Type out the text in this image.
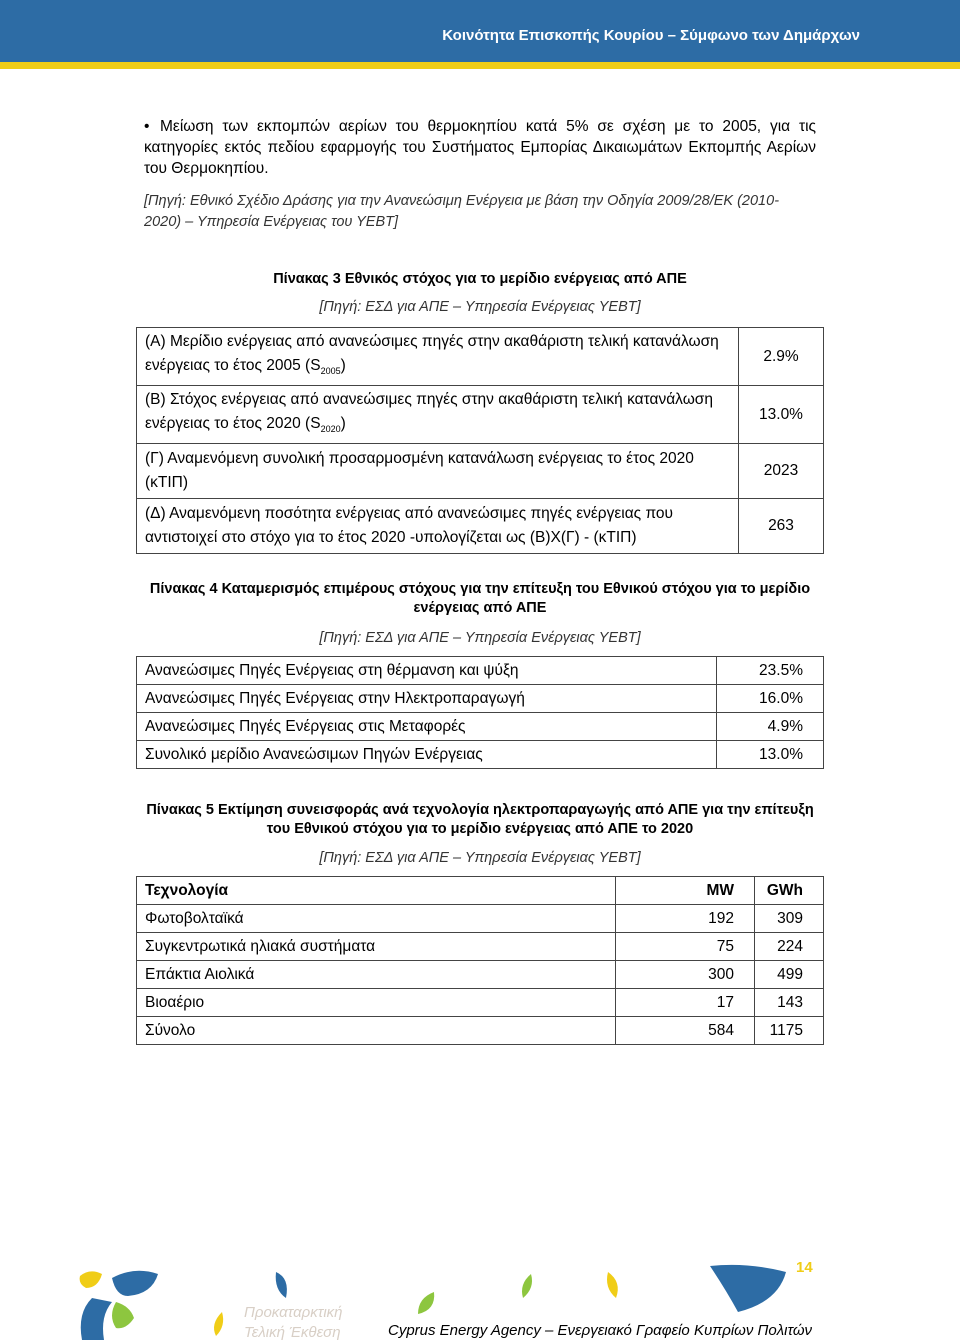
Κοινότητα Επισκοπής Κουρίου – Σύμφωνο των Δημάρχων
• Μείωση των εκπομπών αερίων του θερμοκηπίου κατά 5% σε σχέση με το 2005, για τις κατηγορίες εκτός πεδίου εφαρμογής του Συστήματος Εμπορίας Δικαιωμάτων Εκπομπής Αερίων του Θερμοκηπίου.
[Πηγή: Εθνικό Σχέδιο Δράσης για την Ανανεώσιμη Ενέργεια με βάση την Οδηγία 2009/28/ΕΚ (2010-2020) – Υπηρεσία Ενέργειας του ΥΕΒΤ]
Πίνακας 3 Εθνικός στόχος για το μερίδιο ενέργειας από ΑΠΕ
[Πηγή: ΕΣΔ για ΑΠΕ – Υπηρεσία Ενέργειας ΥΕΒΤ]
(Α) Μερίδιο ενέργειας από ανανεώσιμες πηγές στην ακαθάριστη τελική κατανάλωση ενέργειας το έτος 2005 $(S_{2005})$	2.9%
(Β) Στόχος ενέργειας από ανανεώσιμες πηγές στην ακαθάριστη τελική κατανάλωση ενέργειας το έτος 2020 $(S_{2020})$	13.0%
(Γ) Αναμενόμενη συνολική προσαρμοσμένη κατανάλωση ενέργειας το έτος 2020 (κΤΙΠ)	2023
(Δ) Αναμενόμενη ποσότητα ενέργειας από ανανεώσιμες πηγές ενέργειας που αντιστοιχεί στο στόχο για το έτος 2020 -υπολογίζεται ως (Β)Χ(Γ) - (κΤΙΠ)	263
Πίνακας 4 Καταμερισμός επιμέρους στόχους για την επίτευξη του Εθνικού στόχου για το μερίδιο ενέργειας από ΑΠΕ
[Πηγή: ΕΣΔ για ΑΠΕ – Υπηρεσία Ενέργειας ΥΕΒΤ]
Ανανεώσιμες Πηγές Ενέργειας στη θέρμανση και ψύξη	23.5%
Ανανεώσιμες Πηγές Ενέργειας στην Ηλεκτροπαραγωγή	16.0%
Ανανεώσιμες Πηγές Ενέργειας στις Μεταφορές	4.9%
Συνολικό μερίδιο Ανανεώσιμων Πηγών Ενέργειας	13.0%
Πίνακας 5 Εκτίμηση συνεισφοράς ανά τεχνολογία ηλεκτροπαραγωγής από ΑΠΕ για την επίτευξη του Εθνικού στόχου για το μερίδιο ενέργειας από ΑΠΕ το 2020
[Πηγή: ΕΣΔ για ΑΠΕ – Υπηρεσία Ενέργειας ΥΕΒΤ]
Τεχνολογία	MW	GWh
Φωτοβολταϊκά	192	309
Συγκεντρωτικά ηλιακά συστήματα	75	224
Επάκτια Αιολικά	300	499
Βιοαέριο	17	143
Σύνολο	584	1175
Προκαταρκτική
Τελική Έκθεση
14
Cyprus Energy Agency – Ενεργειακό Γραφείο Κυπρίων Πολιτών
